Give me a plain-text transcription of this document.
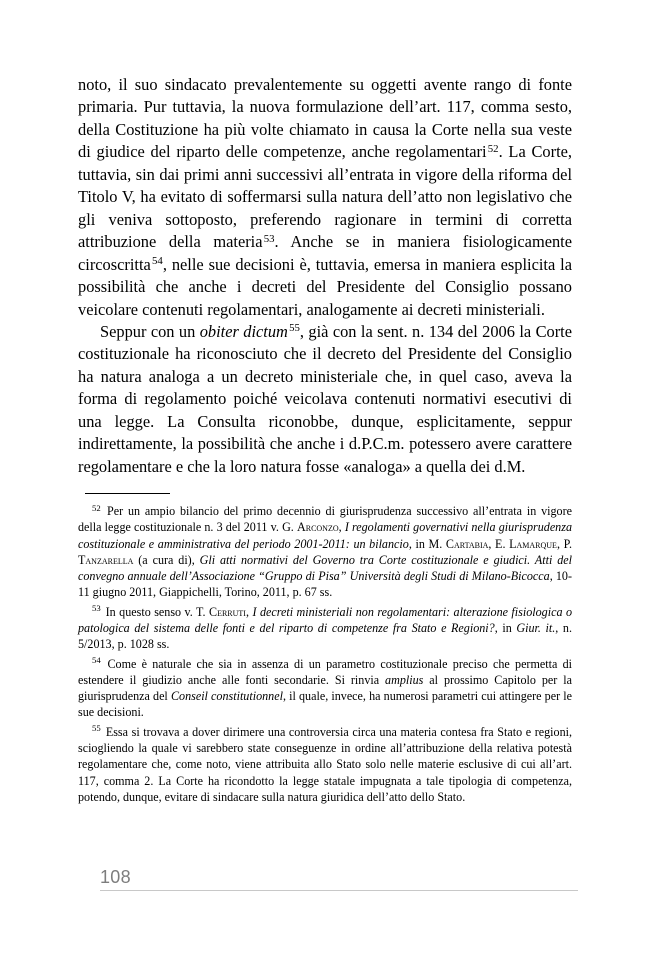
noto, il suo sindacato prevalentemente su oggetti avente rango di fonte primaria. Pur tuttavia, la nuova formulazione dell’art. 117, comma sesto, della Costituzione ha più volte chiamato in causa la Corte nella sua veste di giudice del riparto delle competenze, anche regolamentari$^{52}$. La Corte, tuttavia, sin dai primi anni successivi all’entrata in vigore della riforma del Titolo V, ha evitato di soffermarsi sulla natura dell’atto non legislativo che gli veniva sottoposto, preferendo ragionare in termini di corretta attribuzione della materia$^{53}$. Anche se in maniera fisiologicamente circoscritta$^{54}$, nelle sue decisioni è, tuttavia, emersa in maniera esplicita la possibilità che anche i decreti del Presidente del Consiglio possano veicolare contenuti regolamentari, analogamente ai decreti ministeriali.

Seppur con un obiter dictum$^{55}$, già con la sent. n. 134 del 2006 la Corte costituzionale ha riconosciuto che il decreto del Presidente del Consiglio ha natura analoga a un decreto ministeriale che, in quel caso, aveva la forma di regolamento poiché veicolava contenuti normativi esecutivi di una legge. La Consulta riconobbe, dunque, esplicitamente, seppur indirettamente, la possibilità che anche i d.P.C.m. potessero avere carattere regolamentare e che la loro natura fosse «analoga» a quella dei d.M.

$^{52}$ Per un ampio bilancio del primo decennio di giurisprudenza successivo all’entrata in vigore della legge costituzionale n. 3 del 2011 v. G. Arconzo, I regolamenti governativi nella giurisprudenza costituzionale e amministrativa del periodo 2001-2011: un bilancio, in M. Cartabia, E. Lamarque, P. Tanzarella (a cura di), Gli atti normativi del Governo tra Corte costituzionale e giudici. Atti del convegno annuale dell’Associazione “Gruppo di Pisa” Università degli Studi di Milano-Bicocca, 10-11 giugno 2011, Giappichelli, Torino, 2011, p. 67 ss.

$^{53}$ In questo senso v. T. Cerruti, I decreti ministeriali non regolamentari: alterazione fisiologica o patologica del sistema delle fonti e del riparto di competenze fra Stato e Regioni?, in Giur. it., n. 5/2013, p. 1028 ss.

$^{54}$ Come è naturale che sia in assenza di un parametro costituzionale preciso che permetta di estendere il giudizio anche alle fonti secondarie. Si rinvia amplius al prossimo Capitolo per la giurisprudenza del Conseil constitutionnel, il quale, invece, ha numerosi parametri cui attingere per le sue decisioni.

$^{55}$ Essa si trovava a dover dirimere una controversia circa una materia contesa fra Stato e regioni, sciogliendo la quale vi sarebbero state conseguenze in ordine all’attribuzione della relativa potestà regolamentare che, come noto, viene attribuita allo Stato solo nelle materie esclusive di cui all’art. 117, comma 2. La Corte ha ricondotto la legge statale impugnata a tale tipologia di competenza, potendo, dunque, evitare di sindacare sulla natura giuridica dell’atto dello Stato.

108
